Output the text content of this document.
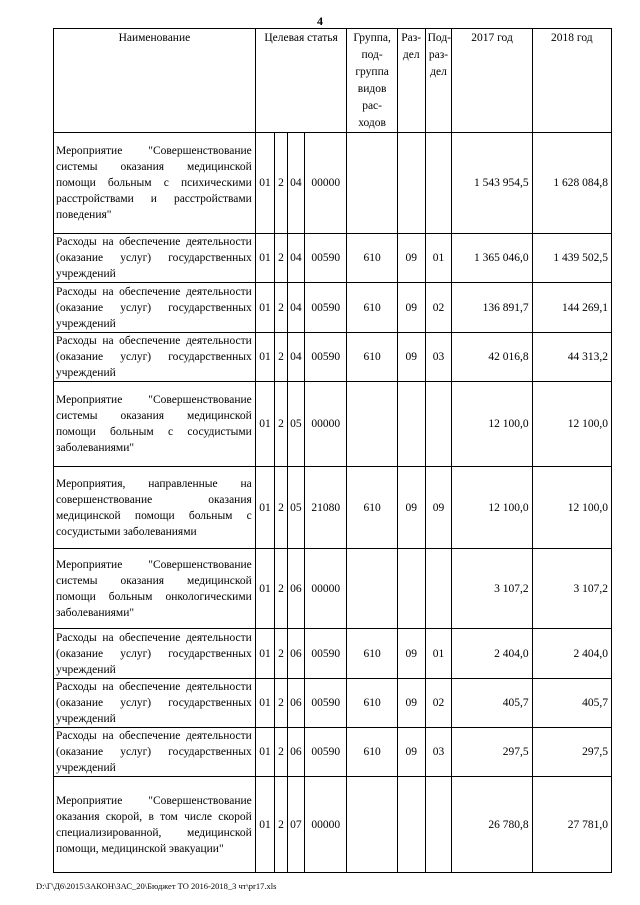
4
Наименование	Целевая статья				Группа, под-группа видов рас-ходов	Раз-дел	Под-раз-дел	2017 год	2018 год
Мероприятие "Совершенствование системы оказания медицинской помощи больным с психическими расстройствами и расстройствами поведения"	01	2	04	00000				1 543 954,5	1 628 084,8
Расходы на обеспечение деятельности (оказание услуг) государственных учреждений	01	2	04	00590	610	09	01	1 365 046,0	1 439 502,5
Расходы на обеспечение деятельности (оказание услуг) государственных учреждений	01	2	04	00590	610	09	02	136 891,7	144 269,1
Расходы на обеспечение деятельности (оказание услуг) государственных учреждений	01	2	04	00590	610	09	03	42 016,8	44 313,2
Мероприятие "Совершенствование системы оказания медицинской помощи больным с сосудистыми заболеваниями"	01	2	05	00000				12 100,0	12 100,0
Мероприятия, направленные на совершенствование оказания медицинской помощи больным с сосудистыми заболеваниями	01	2	05	21080	610	09	09	12 100,0	12 100,0
Мероприятие "Совершенствование системы оказания медицинской помощи больным онкологическими заболеваниями"	01	2	06	00000				3 107,2	3 107,2
Расходы на обеспечение деятельности (оказание услуг) государственных учреждений	01	2	06	00590	610	09	01	2 404,0	2 404,0
Расходы на обеспечение деятельности (оказание услуг) государственных учреждений	01	2	06	00590	610	09	02	405,7	405,7
Расходы на обеспечение деятельности (оказание услуг) государственных учреждений	01	2	06	00590	610	09	03	297,5	297,5
Мероприятие "Совершенствование оказания скорой, в том числе скорой специализированной, медицинской помощи, медицинской эвакуации"	01	2	07	00000				26 780,8	27 781,0
D:\Г\Д6\2015\ЗАКОН\ЗАС_20\Бюджет ТО 2016-2018_3 чт\pr17.xls
